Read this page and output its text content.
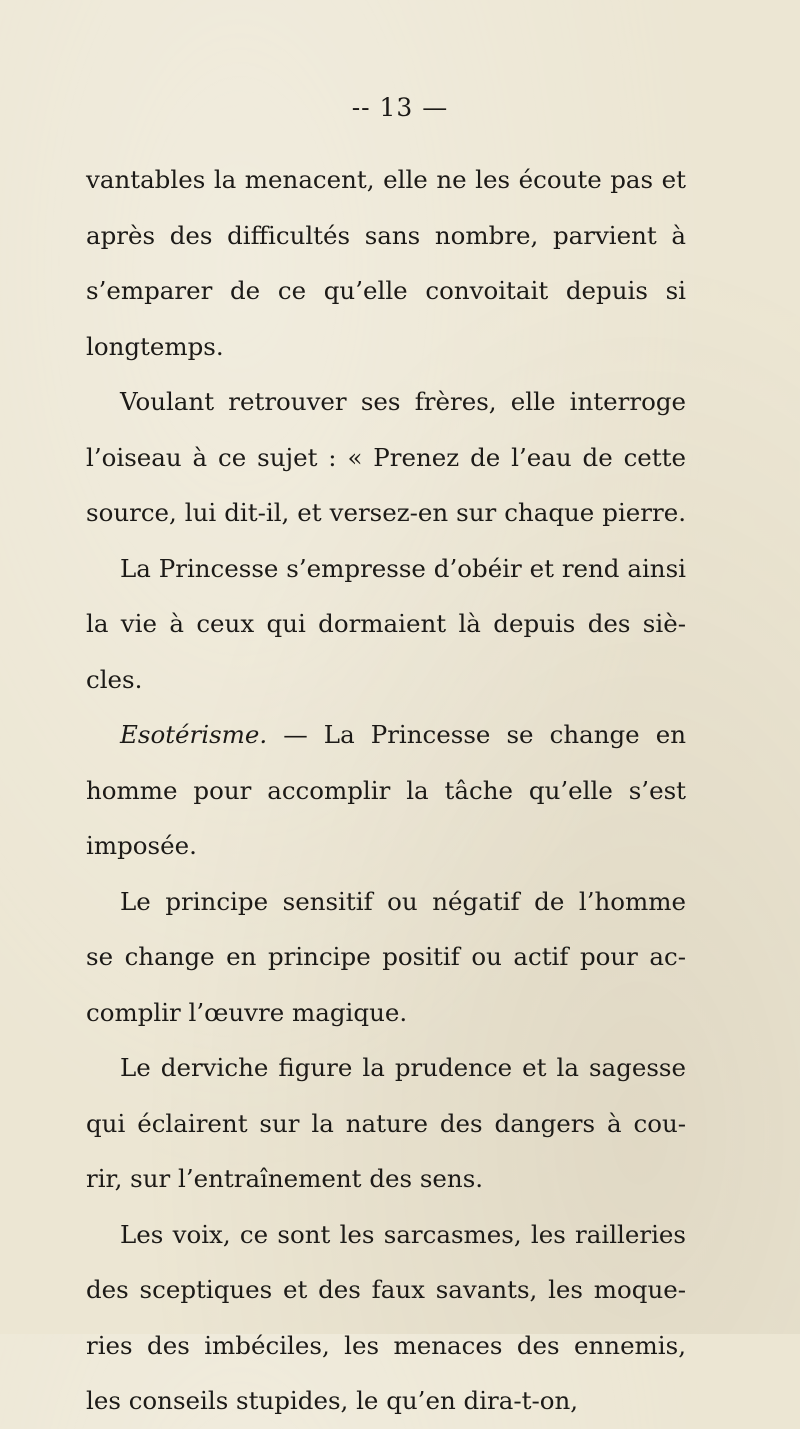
-- 13 —
vantables la menacent, elle ne les écoute pas et
après des difficultés sans nombre, parvient à
s’emparer de ce qu’elle convoitait depuis si
longtemps.
Voulant retrouver ses frères, elle interroge
l’oiseau à ce sujet : « Prenez de l’eau de cette
source, lui dit-il, et versez-en sur chaque pierre.
La Princesse s’empresse d’obéir et rend ainsi
la vie à ceux qui dormaient là depuis des siè-
cles.
Esotérisme. — La Princesse se change en
homme pour accomplir la tâche qu’elle s’est
imposée.
Le principe sensitif ou négatif de l’homme
se change en principe positif ou actif pour ac-
complir l’œuvre magique.
Le derviche figure la prudence et la sagesse
qui éclairent sur la nature des dangers à cou-
rir, sur l’entraînement des sens.
Les voix, ce sont les sarcasmes, les railleries
des sceptiques et des faux savants, les moque-
ries des imbéciles, les menaces des ennemis,
les conseils stupides, le qu’en dira-t-on,
